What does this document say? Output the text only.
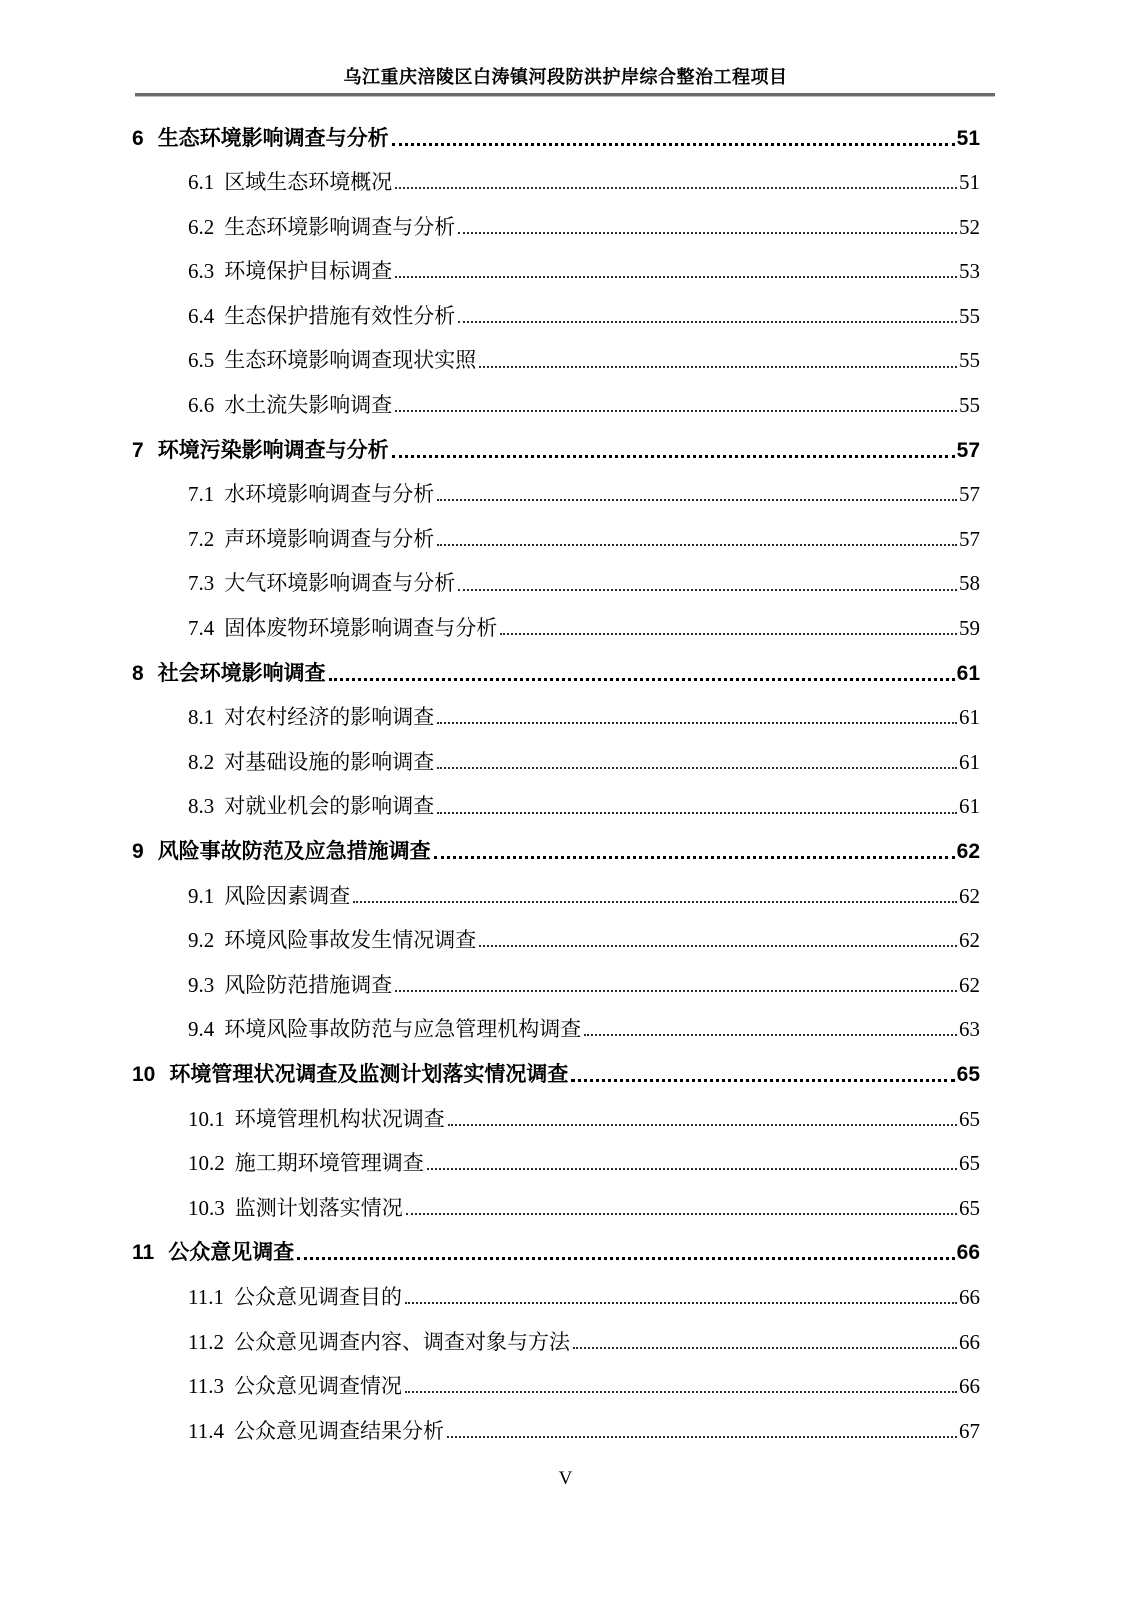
乌江重庆涪陵区白涛镇河段防洪护岸综合整治工程项目
6 生态环境影响调查与分析	51
6.1 区域生态环境概况	51
6.2 生态环境影响调查与分析	52
6.3 环境保护目标调查	53
6.4 生态保护措施有效性分析	55
6.5 生态环境影响调查现状实照	55
6.6 水土流失影响调查	55
7 环境污染影响调查与分析	57
7.1 水环境影响调查与分析	57
7.2 声环境影响调查与分析	57
7.3 大气环境影响调查与分析	58
7.4 固体废物环境影响调查与分析	59
8 社会环境影响调查	61
8.1 对农村经济的影响调查	61
8.2 对基础设施的影响调查	61
8.3 对就业机会的影响调查	61
9 风险事故防范及应急措施调查	62
9.1 风险因素调查	62
9.2 环境风险事故发生情况调查	62
9.3 风险防范措施调查	62
9.4 环境风险事故防范与应急管理机构调查	63
10 环境管理状况调查及监测计划落实情况调查	65
10.1 环境管理机构状况调查	65
10.2 施工期环境管理调查	65
10.3 监测计划落实情况	65
11 公众意见调查	66
11.1 公众意见调查目的	66
11.2 公众意见调查内容、调查对象与方法	66
11.3 公众意见调查情况	66
11.4 公众意见调查结果分析	67
V
